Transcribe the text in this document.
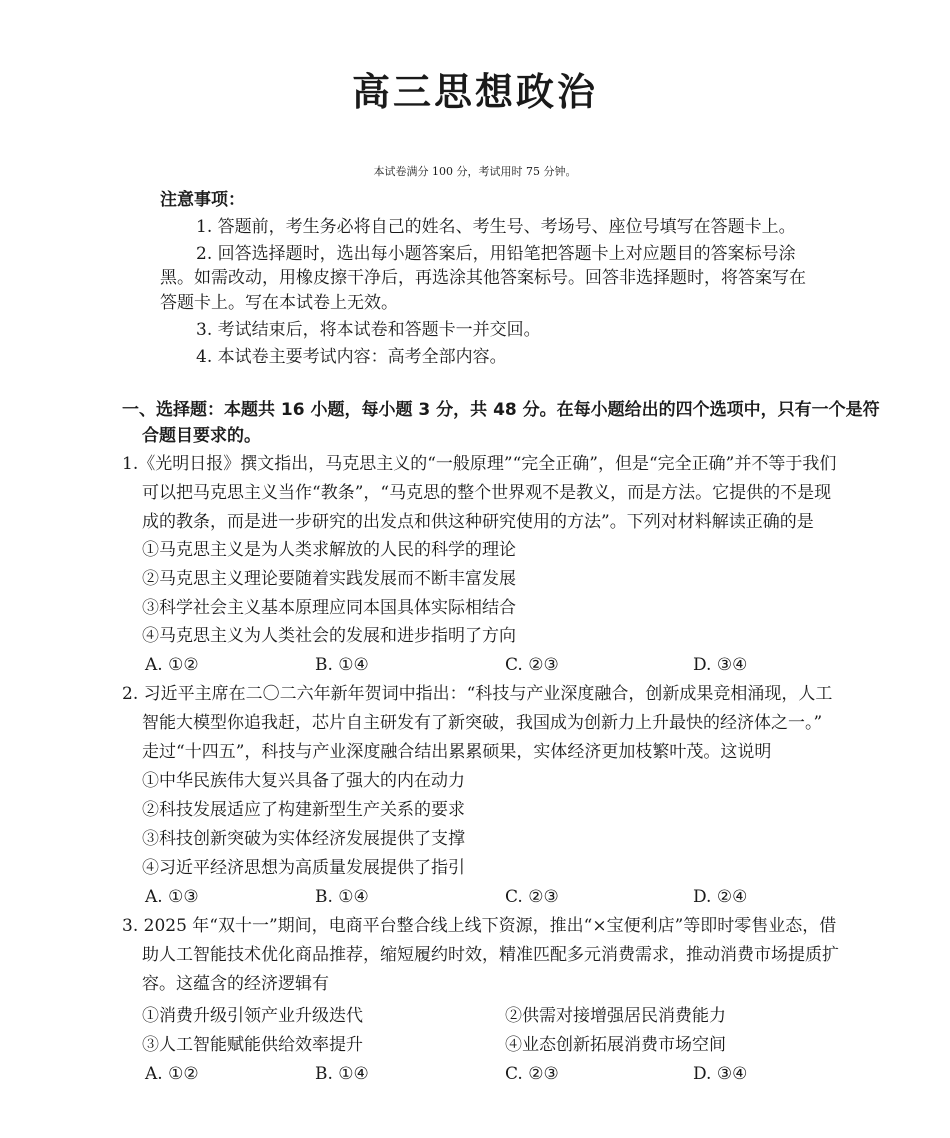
高三思想政治
本试卷满分 100 分，考试用时 75 分钟。
注意事项：
1. 答题前，考生务必将自己的姓名、考生号、考场号、座位号填写在答题卡上。
2. 回答选择题时，选出每小题答案后，用铅笔把答题卡上对应题目的答案标号涂
黑。如需改动，用橡皮擦干净后，再选涂其他答案标号。回答非选择题时，将答案写在
答题卡上。写在本试卷上无效。
3. 考试结束后，将本试卷和答题卡一并交回。
4. 本试卷主要考试内容：高考全部内容。
一、选择题：本题共 16 小题，每小题 3 分，共 48 分。在每小题给出的四个选项中，只有一个是符
合题目要求的。
1.《光明日报》撰文指出，马克思主义的“一般原理”“完全正确”，但是“完全正确”并不等于我们
可以把马克思主义当作“教条”，“马克思的整个世界观不是教义，而是方法。它提供的不是现
成的教条，而是进一步研究的出发点和供这种研究使用的方法”。下列对材料解读正确的是
①马克思主义是为人类求解放的人民的科学的理论
②马克思主义理论要随着实践发展而不断丰富发展
③科学社会主义基本原理应同本国具体实际相结合
④马克思主义为人类社会的发展和进步指明了方向
A. ①②	B. ①④	C. ②③	D. ③④
2. 习近平主席在二〇二六年新年贺词中指出：“科技与产业深度融合，创新成果竞相涌现，人工
智能大模型你追我赶，芯片自主研发有了新突破，我国成为创新力上升最快的经济体之一。”
走过“十四五”，科技与产业深度融合结出累累硕果，实体经济更加枝繁叶茂。这说明
①中华民族伟大复兴具备了强大的内在动力
②科技发展适应了构建新型生产关系的要求
③科技创新突破为实体经济发展提供了支撑
④习近平经济思想为高质量发展提供了指引
A. ①③	B. ①④	C. ②③	D. ②④
3. 2025 年“双十一”期间，电商平台整合线上线下资源，推出“×宝便利店”等即时零售业态，借
助人工智能技术优化商品推荐，缩短履约时效，精准匹配多元消费需求，推动消费市场提质扩
容。这蕴含的经济逻辑有
①消费升级引领产业升级迭代	②供需对接增强居民消费能力
③人工智能赋能供给效率提升	④业态创新拓展消费市场空间
A. ①②	B. ①④	C. ②③	D. ③④
